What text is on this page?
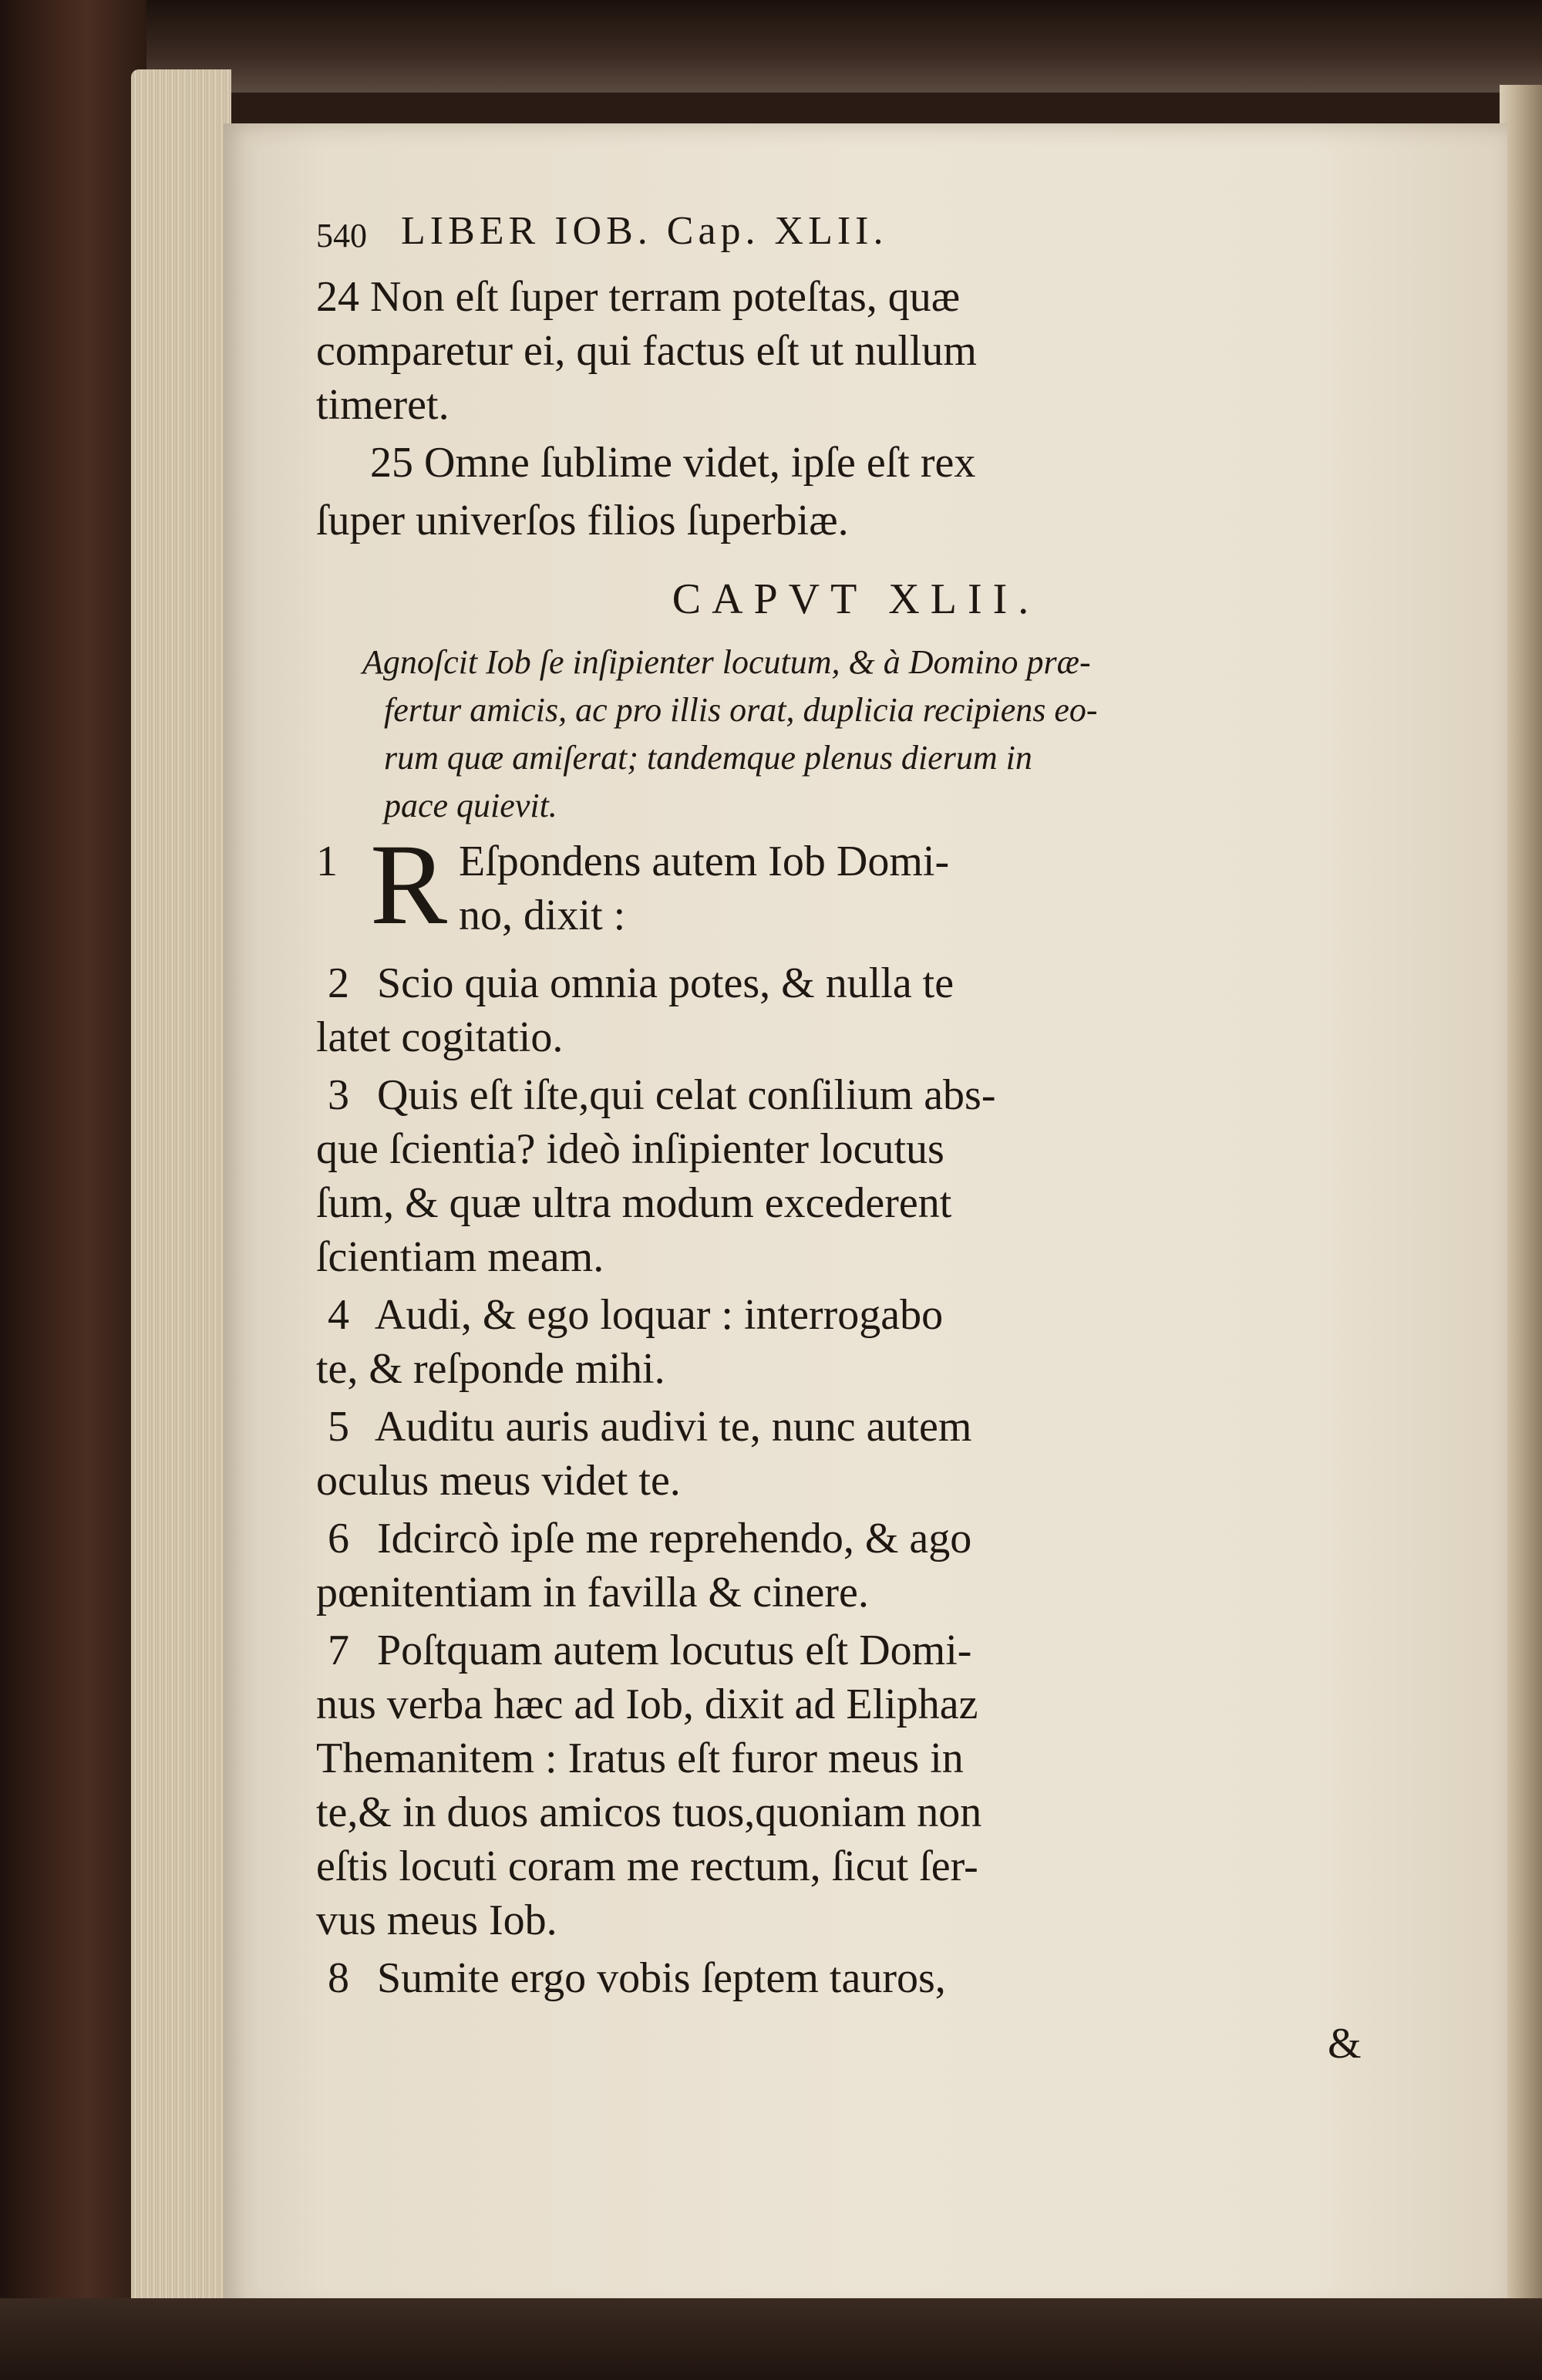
540 LIBER IOB. Cap. XLII.
24 Non eſt ſuper terram poteſtas, quæ
comparetur ei, qui factus eſt ut nullum
timeret.
25 Omne ſublime videt, ipſe eſt rex
ſuper univerſos filios ſuperbiæ.
CAPVT XLII.
Agnoſcit Iob ſe inſipienter locutum, & à Domino præ-
fertur amicis, ac pro illis orat, duplicia recipiens eo-
rum quæ amiſerat; tandemque plenus dierum in
pace quievit.
1 R Eſpondens autem Iob Domi-
no, dixit :
2 Scio quia omnia potes, & nulla te
latet cogitatio.
3 Quis eſt iſte,qui celat conſilium abs-
que ſcientia? ideò inſipienter locutus
ſum, & quæ ultra modum excederent
ſcientiam meam.
4 Audi, & ego loquar : interrogabo
te, & reſponde mihi.
5 Auditu auris audivi te, nunc autem
oculus meus videt te.
6 Idcircò ipſe me reprehendo, & ago
pœnitentiam in favilla & cinere.
7 Poſtquam autem locutus eſt Domi-
nus verba hæc ad Iob, dixit ad Eliphaz
Themanitem : Iratus eſt furor meus in
te,& in duos amicos tuos,quoniam non
eſtis locuti coram me rectum, ſicut ſer-
vus meus Iob.
8 Sumite ergo vobis ſeptem tauros,
&
